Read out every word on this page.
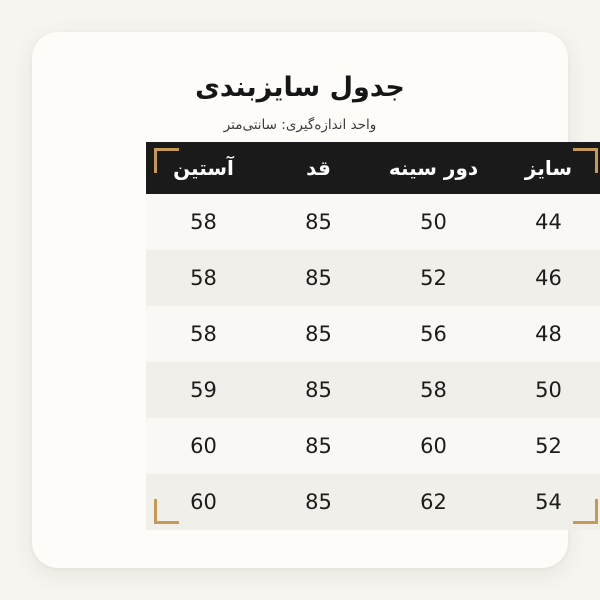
جدول سایزبندی
واحد اندازه‌گیری: سانتی‌متر
سایز	دور سینه	قد	آستین
44	50	85	58
46	52	85	58
48	56	85	58
50	58	85	59
52	60	85	60
54	62	85	60
